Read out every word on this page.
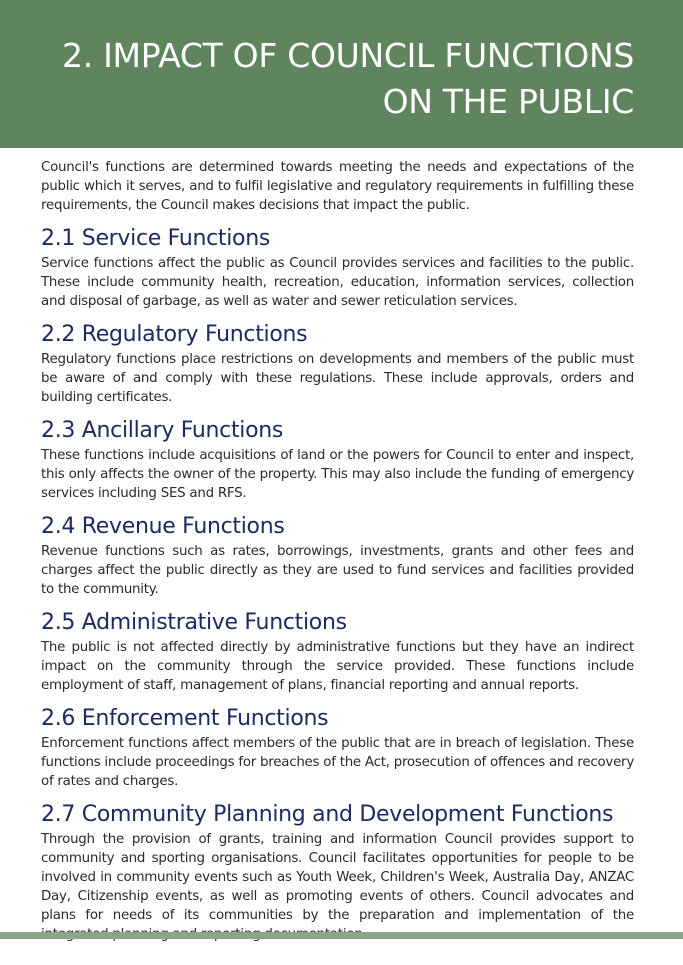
2. IMPACT OF COUNCIL FUNCTIONS
ON THE PUBLIC

Council's functions are determined towards meeting the needs and expectations of the public which it serves, and to fulfil legislative and regulatory requirements in fulfilling these requirements, the Council makes decisions that impact the public.

2.1 Service Functions

Service functions affect the public as Council provides services and facilities to the public. These include community health, recreation, education, information services, collection and disposal of garbage, as well as water and sewer reticulation services.

2.2 Regulatory Functions

Regulatory functions place restrictions on developments and members of the public must be aware of and comply with these regulations. These include approvals, orders and building certificates.

2.3 Ancillary Functions

These functions include acquisitions of land or the powers for Council to enter and inspect, this only affects the owner of the property. This may also include the funding of emergency services including SES and RFS.

2.4 Revenue Functions

Revenue functions such as rates, borrowings, investments, grants and other fees and charges affect the public directly as they are used to fund services and facilities provided to the community.

2.5 Administrative Functions

The public is not affected directly by administrative functions but they have an indirect impact on the community through the service provided. These functions include employment of staff, management of plans, financial reporting and annual reports.

2.6 Enforcement Functions

Enforcement functions affect members of the public that are in breach of legislation. These functions include proceedings for breaches of the Act, prosecution of offences and recovery of rates and charges.

2.7 Community Planning and Development Functions

Through the provision of grants, training and information Council provides support to community and sporting organisations. Council facilitates opportunities for people to be involved in community events such as Youth Week, Children's Week, Australia Day, ANZAC Day, Citizenship events, as well as promoting events of others. Council advocates and plans for needs of its communities by the preparation and implementation of the
